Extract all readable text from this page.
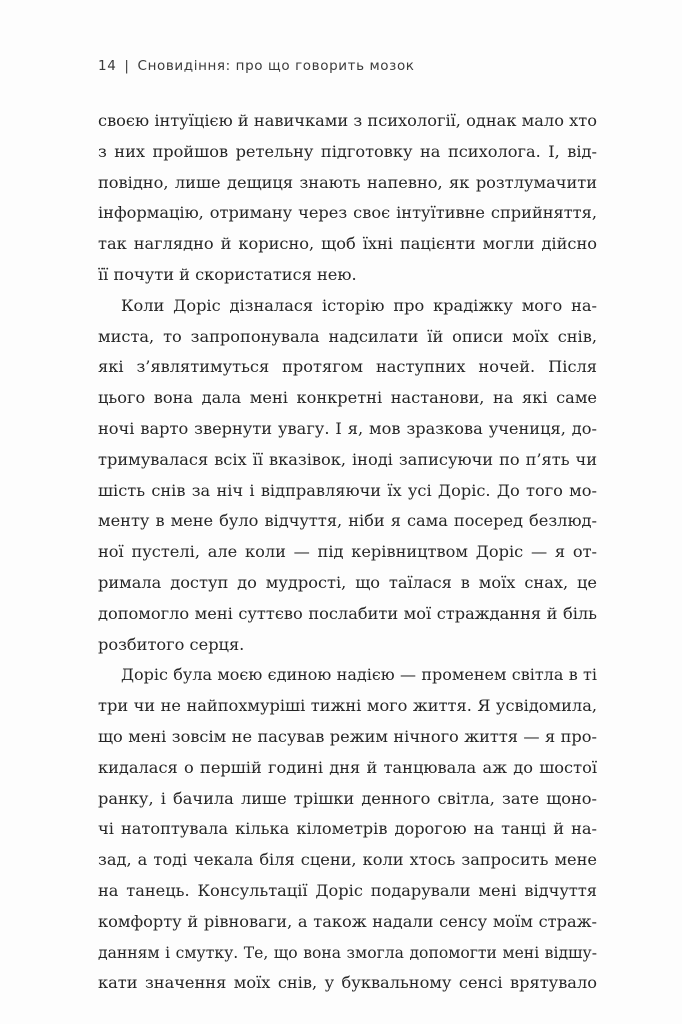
14 | Сновидіння: про що говорить мозок
своєю інтуїцією й навичками з психології, однак мало хто
з них пройшов ретельну підготовку на психолога. І, від-
повідно, лише дещиця знають напевно, як розтлумачити
інформацію, отриману через своє інтуїтивне сприйняття,
так наглядно й корисно, щоб їхні пацієнти могли дійсно
її почути й скористатися нею.
Коли Доріс дізналася історію про крадіжку мого на-
миста, то запропонувала надсилати їй описи моїх снів,
які з’являтимуться протягом наступних ночей. Після
цього вона дала мені конкретні настанови, на які саме
ночі варто звернути увагу. І я, мов зразкова учениця, до-
тримувалася всіх її вказівок, іноді записуючи по п’ять чи
шість снів за ніч і відправляючи їх усі Доріс. До того мо-
менту в мене було відчуття, ніби я сама посеред безлюд-
ної пустелі, але коли — під керівництвом Доріс — я от-
римала доступ до мудрості, що таїлася в моїх снах, це
допомогло мені суттєво послабити мої страждання й біль
розбитого серця.
Доріс була моєю єдиною надією — променем світла в ті
три чи не найпохмуріші тижні мого життя. Я усвідомила,
що мені зовсім не пасував режим нічного життя — я про-
кидалася о першій годині дня й танцювала аж до шостої
ранку, і бачила лише трішки денного світла, зате щоно-
чі натоптувала кілька кілометрів дорогою на танці й на-
зад, а тоді чекала біля сцени, коли хтось запросить мене
на танець. Консультації Доріс подарували мені відчуття
комфорту й рівноваги, а також надали сенсу моїм страж-
данням і смутку. Те, що вона змогла допомогти мені відшу-
кати значення моїх снів, у буквальному сенсі врятувало
